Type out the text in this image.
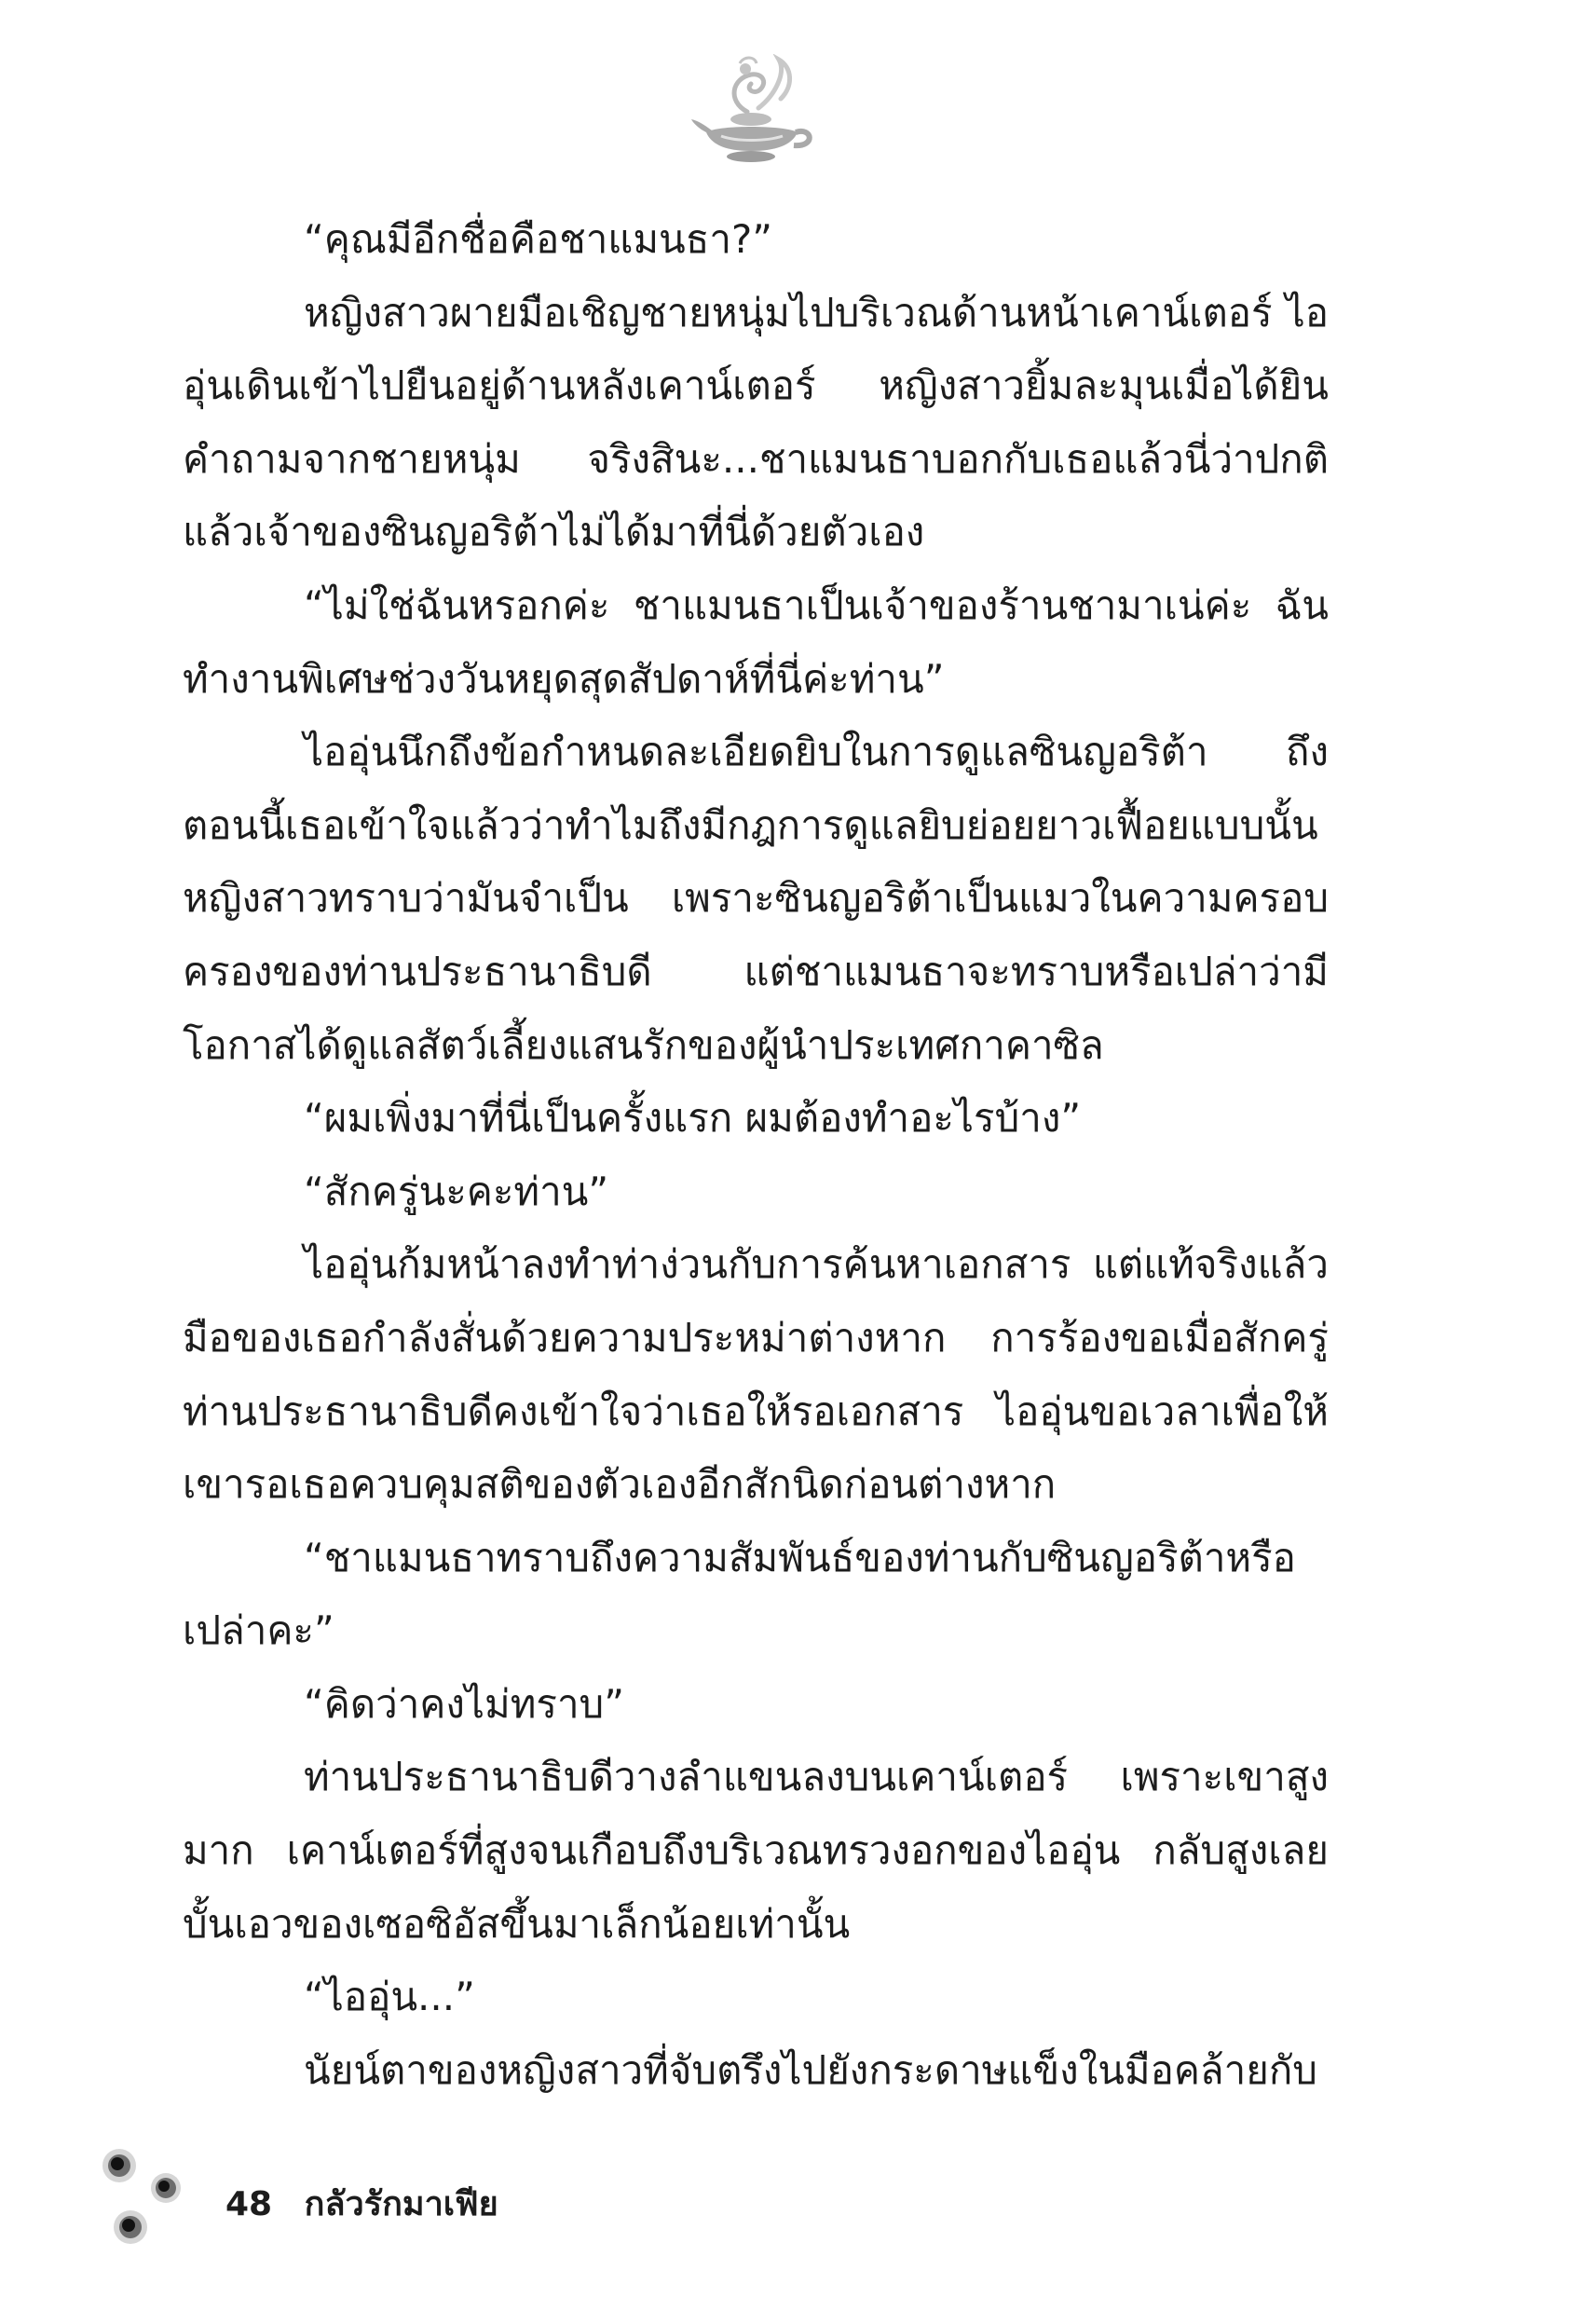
“คุณมีอีกชื่อคือชาแมนธา?”

หญิงสาวผายมือเชิญชายหนุ่มไปบริเวณด้านหน้าเคาน์เตอร์ ไออุ่นเดินเข้าไปยืนอยู่ด้านหลังเคาน์เตอร์ หญิงสาวยิ้มละมุนเมื่อได้ยินคำถามจากชายหนุ่ม จริงสินะ...ชาแมนธาบอกกับเธอแล้วนี่ว่าปกติแล้วเจ้าของซินญอริต้าไม่ได้มาที่นี่ด้วยตัวเอง

“ไม่ใช่ฉันหรอกค่ะ ชาแมนธาเป็นเจ้าของร้านชามาเน่ค่ะ ฉันทำงานพิเศษช่วงวันหยุดสุดสัปดาห์ที่นี่ค่ะท่าน”

ไออุ่นนึกถึงข้อกำหนดละเอียดยิบในการดูแลซินญอริต้า ถึงตอนนี้เธอเข้าใจแล้วว่าทำไมถึงมีกฎการดูแลยิบย่อยยาวเฟื้อยแบบนั้น หญิงสาวทราบว่ามันจำเป็น เพราะซินญอริต้าเป็นแมวในความครอบครองของท่านประธานาธิบดี แต่ชาแมนธาจะทราบหรือเปล่าว่ามีโอกาสได้ดูแลสัตว์เลี้ยงแสนรักของผู้นำประเทศกาคาซิล

“ผมเพิ่งมาที่นี่เป็นครั้งแรก ผมต้องทำอะไรบ้าง”

“สักครู่นะคะท่าน”

ไออุ่นก้มหน้าลงทำท่าง่วนกับการค้นหาเอกสาร แต่แท้จริงแล้วมือของเธอกำลังสั่นด้วยความประหม่าต่างหาก การร้องขอเมื่อสักครู่ท่านประธานาธิบดีคงเข้าใจว่าเธอให้รอเอกสาร ไออุ่นขอเวลาเพื่อให้เขารอเธอควบคุมสติของตัวเองอีกสักนิดก่อนต่างหาก

“ชาแมนธาทราบถึงความสัมพันธ์ของท่านกับซินญอริต้าหรือเปล่าคะ”

“คิดว่าคงไม่ทราบ”

ท่านประธานาธิบดีวางลำแขนลงบนเคาน์เตอร์ เพราะเขาสูงมาก เคาน์เตอร์ที่สูงจนเกือบถึงบริเวณทรวงอกของไออุ่น กลับสูงเลยบั้นเอวของเซอซิอัสขึ้นมาเล็กน้อยเท่านั้น

“ไออุ่น...”

นัยน์ตาของหญิงสาวที่จับตรึงไปยังกระดาษแข็งในมือคล้ายกับ

48 กลัวรักมาเฟีย
